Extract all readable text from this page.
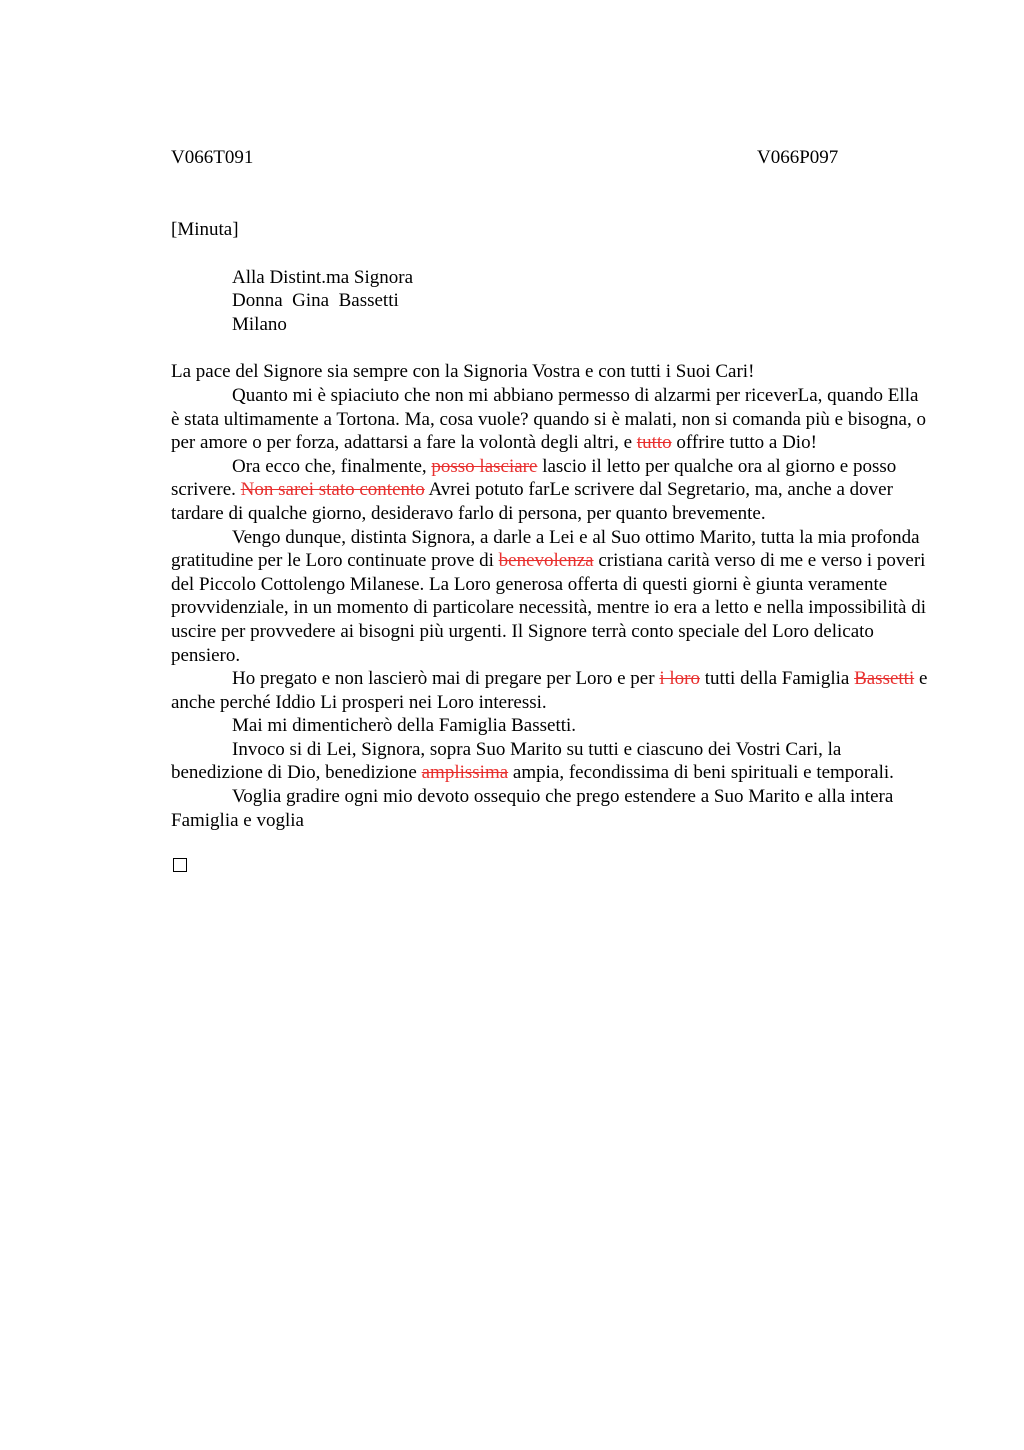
V066T091	V066P097
[Minuta]
Alla Distint.ma Signora
Donna  Gina  Bassetti
Milano

La pace del Signore sia sempre con la Signoria Vostra e con tutti i Suoi Cari!

Quanto mi è spiaciuto che non mi abbiano permesso di alzarmi per riceverLa, quando Ella è stata ultimamente a Tortona. Ma, cosa vuole? quando si è malati, non si comanda più e bisogna, o per amore o per forza, adattarsi a fare la volontà degli altri, e tutto offrire tutto a Dio!

Ora ecco che, finalmente, posso lasciare lascio il letto per qualche ora al giorno e posso scrivere. Non sarei stato contento Avrei potuto farLe scrivere dal Segretario, ma, anche a dover tardare di qualche giorno, desideravo farlo di persona, per quanto brevemente.

Vengo dunque, distinta Signora, a darle a Lei e al Suo ottimo Marito, tutta la mia profonda gratitudine per le Loro continuate prove di benevolenza cristiana carità verso di me e verso i poveri del Piccolo Cottolengo Milanese. La Loro generosa offerta di questi giorni è giunta veramente provvidenziale, in un momento di particolare necessità, mentre io era a letto e nella impossibilità di uscire per provvedere ai bisogni più urgenti. Il Signore terrà conto speciale del Loro delicato pensiero.

Ho pregato e non lascierò mai di pregare per Loro e per i loro tutti della Famiglia Bassetti e anche perché Iddio Li prosperi nei Loro interessi.

Mai mi dimenticherò della Famiglia Bassetti.

Invoco si di Lei, Signora, sopra Suo Marito su tutti e ciascuno dei Vostri Cari, la benedizione di Dio, benedizione amplissima ampia, fecondissima di beni spirituali e temporali.

Voglia gradire ogni mio devoto ossequio che prego estendere a Suo Marito e alla intera Famiglia e voglia
